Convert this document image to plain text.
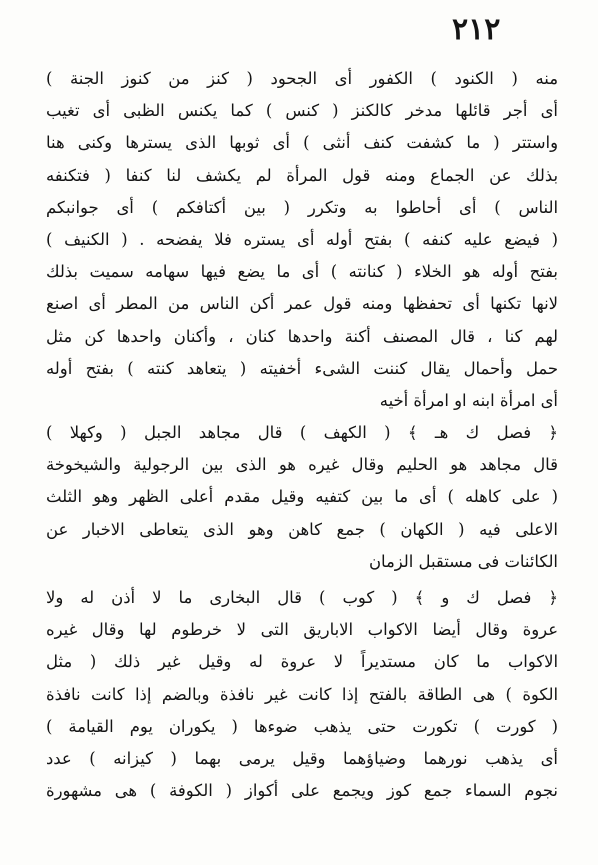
٢١٢
منه ( الكنود ) الكفور أى الجحود ( كنز من كنوز الجنة )
أى أجر قائلها مدخر كالكنز ( كنس ) كما يكنس الظبى أى تغيب
واستتر ( ما كشفت كنف أنثى ) أى ثوبها الذى يسترها وكنى هنا
بذلك عن الجماع ومنه قول المرأة لم يكشف لنا كنفا ( فتكنفه
الناس ) أى أحاطوا به وتكرر ( بين أكتافكم ) أى جوانبكم
( فيضع عليه كنفه ) بفتح أوله أى يستره فلا يفضحه . ( الكنيف )
بفتح أوله هو الخلاء ( كنانته ) أى ما يضع فيها سهامه سميت بذلك
لانها تكنها أى تحفظها ومنه قول عمر أكن الناس من المطر أى اصنع
لهم كنا ، قال المصنف أكنة واحدها كنان ، وأكنان واحدها كن مثل
حمل وأحمال يقال كننت الشىء أخفيته ( يتعاهد كنته ) بفتح أوله
أى امرأة ابنه او امرأة أخيه
﴿ فصل ك هـ ﴾ ( الكهف ) قال مجاهد الجبل ( وكهلا )
قال مجاهد هو الحليم وقال غيره هو الذى بين الرجولية والشيخوخة
( على كاهله ) أى ما بين كتفيه وقيل مقدم أعلى الظهر وهو الثلث
الاعلى فيه ( الكهان ) جمع كاهن وهو الذى يتعاطى الاخبار عن
الكائنات فى مستقبل الزمان
﴿ فصل ك و ﴾ ( كوب ) قال البخارى ما لا أذن له ولا
عروة وقال أيضا الاكواب الاباريق التى لا خرطوم لها وقال غيره
الاكواب ما كان مستديراً لا عروة له وقيل غير ذلك ( مثل
الكوة ) هى الطاقة بالفتح إذا كانت غير نافذة وبالضم إذا كانت نافذة
( كورت ) تكورت حتى يذهب ضوءها ( يكوران يوم القيامة )
أى يذهب نورهما وضياؤهما وقيل يرمى بهما ( كيزانه ) عدد
نجوم السماء جمع كوز ويجمع على أكواز ( الكوفة ) هى مشهورة
